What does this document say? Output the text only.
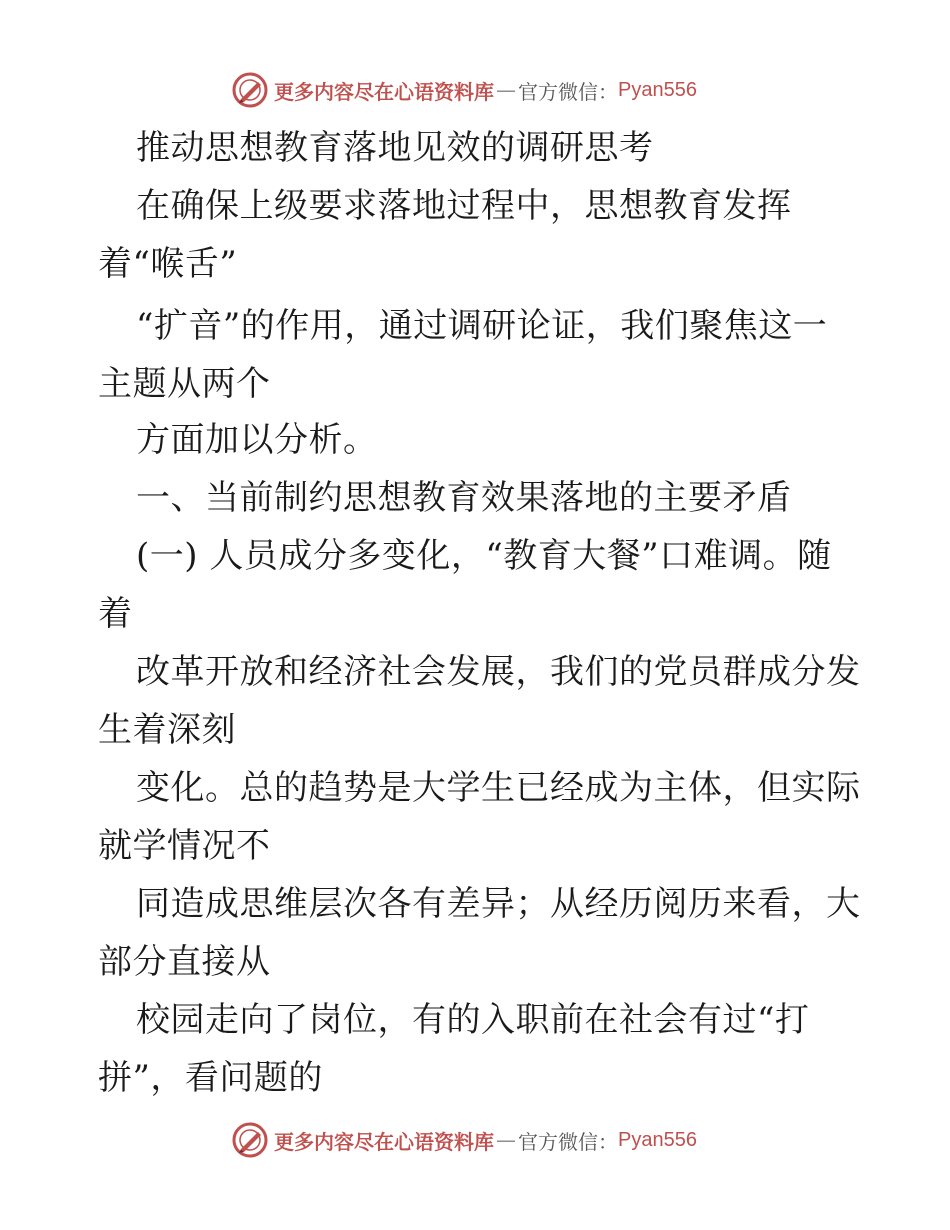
更多内容尽在心语资料库 — 官方微信： Pyan556
推动思想教育落地见效的调研思考
在确保上级要求落地过程中，思想教育发挥
着“喉舌”
“扩音”的作用，通过调研论证，我们聚焦这一
主题从两个
方面加以分析。
一、当前制约思想教育效果落地的主要矛盾
(一) 人员成分多变化，“教育大餐”口难调。随
着
改革开放和经济社会发展，我们的党员群成分发
生着深刻
变化。总的趋势是大学生已经成为主体，但实际
就学情况不
同造成思维层次各有差异；从经历阅历来看，大
部分直接从
校园走向了岗位，有的入职前在社会有过“打
拼”，看问题的
更多内容尽在心语资料库 — 官方微信： Pyan556
